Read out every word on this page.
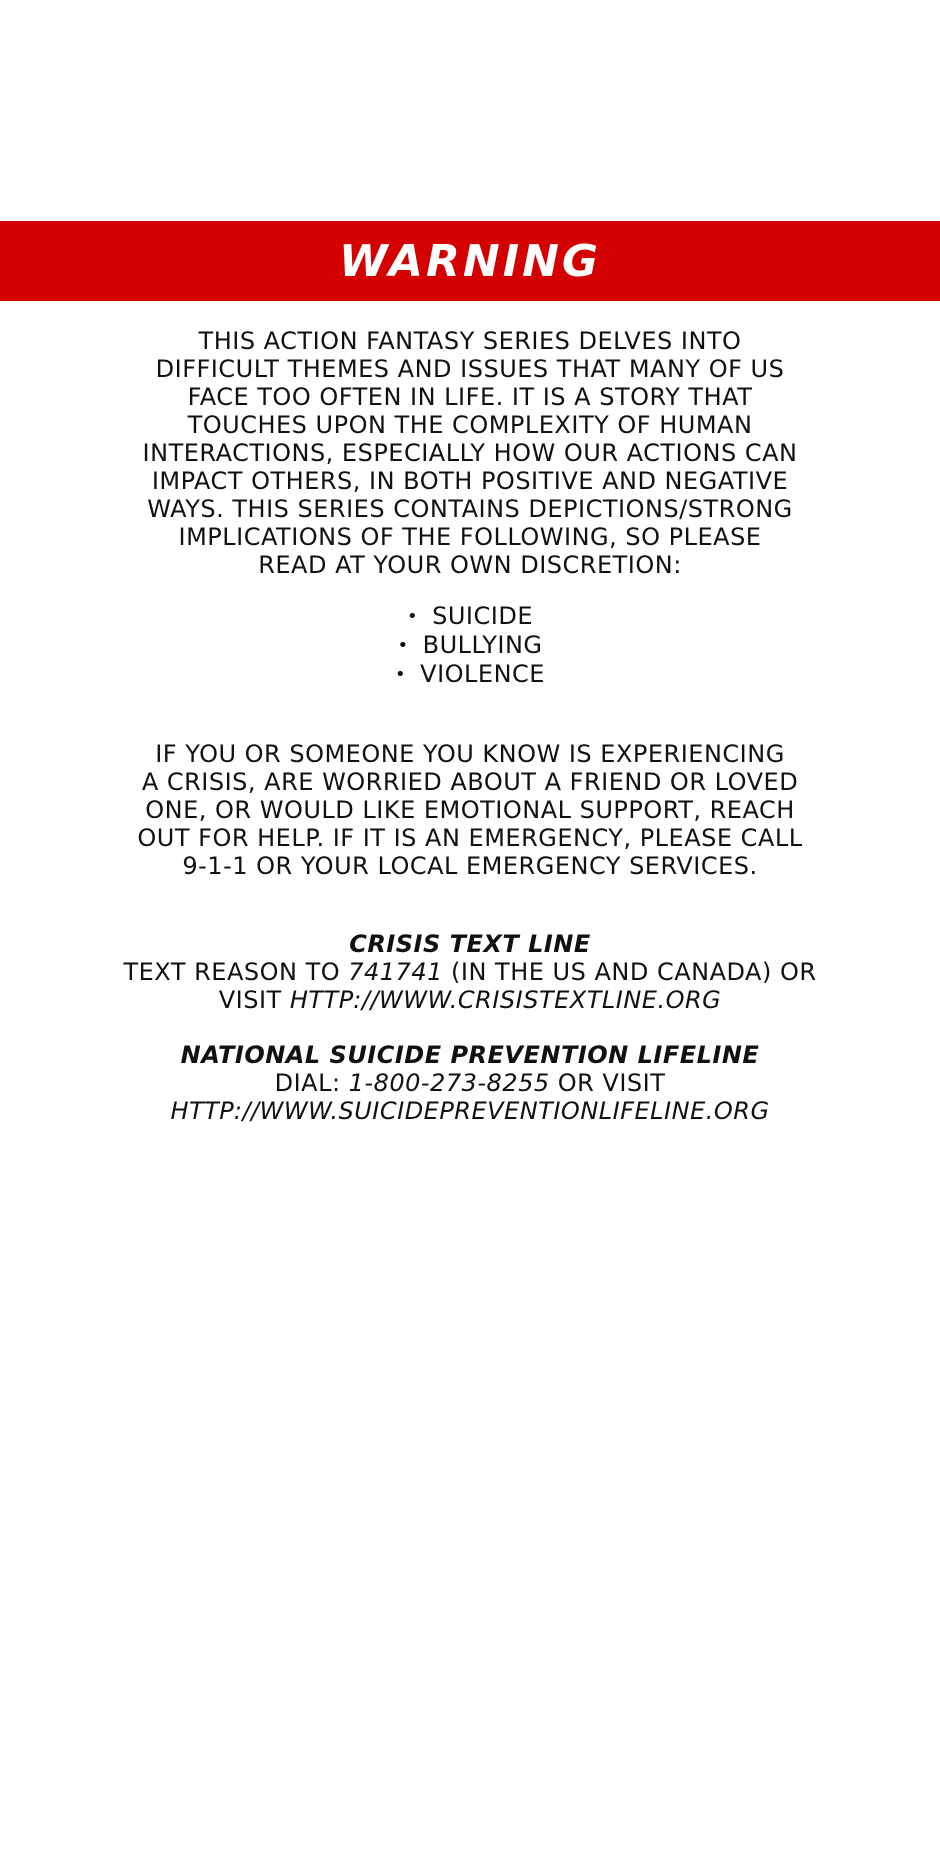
WARNING
THIS ACTION FANTASY SERIES DELVES INTO
DIFFICULT THEMES AND ISSUES THAT MANY OF US
FACE TOO OFTEN IN LIFE. IT IS A STORY THAT
TOUCHES UPON THE COMPLEXITY OF HUMAN
INTERACTIONS, ESPECIALLY HOW OUR ACTIONS CAN
IMPACT OTHERS, IN BOTH POSITIVE AND NEGATIVE
WAYS. THIS SERIES CONTAINS DEPICTIONS/STRONG
IMPLICATIONS OF THE FOLLOWING, SO PLEASE
READ AT YOUR OWN DISCRETION:
• SUICIDE
• BULLYING
• VIOLENCE
IF YOU OR SOMEONE YOU KNOW IS EXPERIENCING
A CRISIS, ARE WORRIED ABOUT A FRIEND OR LOVED
ONE, OR WOULD LIKE EMOTIONAL SUPPORT, REACH
OUT FOR HELP. IF IT IS AN EMERGENCY, PLEASE CALL
9-1-1 OR YOUR LOCAL EMERGENCY SERVICES.
CRISIS TEXT LINE
TEXT REASON TO 741741 (IN THE US AND CANADA) OR
VISIT HTTP://WWW.CRISISTEXTLINE.ORG
NATIONAL SUICIDE PREVENTION LIFELINE
DIAL: 1-800-273-8255 OR VISIT
HTTP://WWW.SUICIDEPREVENTIONLIFELINE.ORG
